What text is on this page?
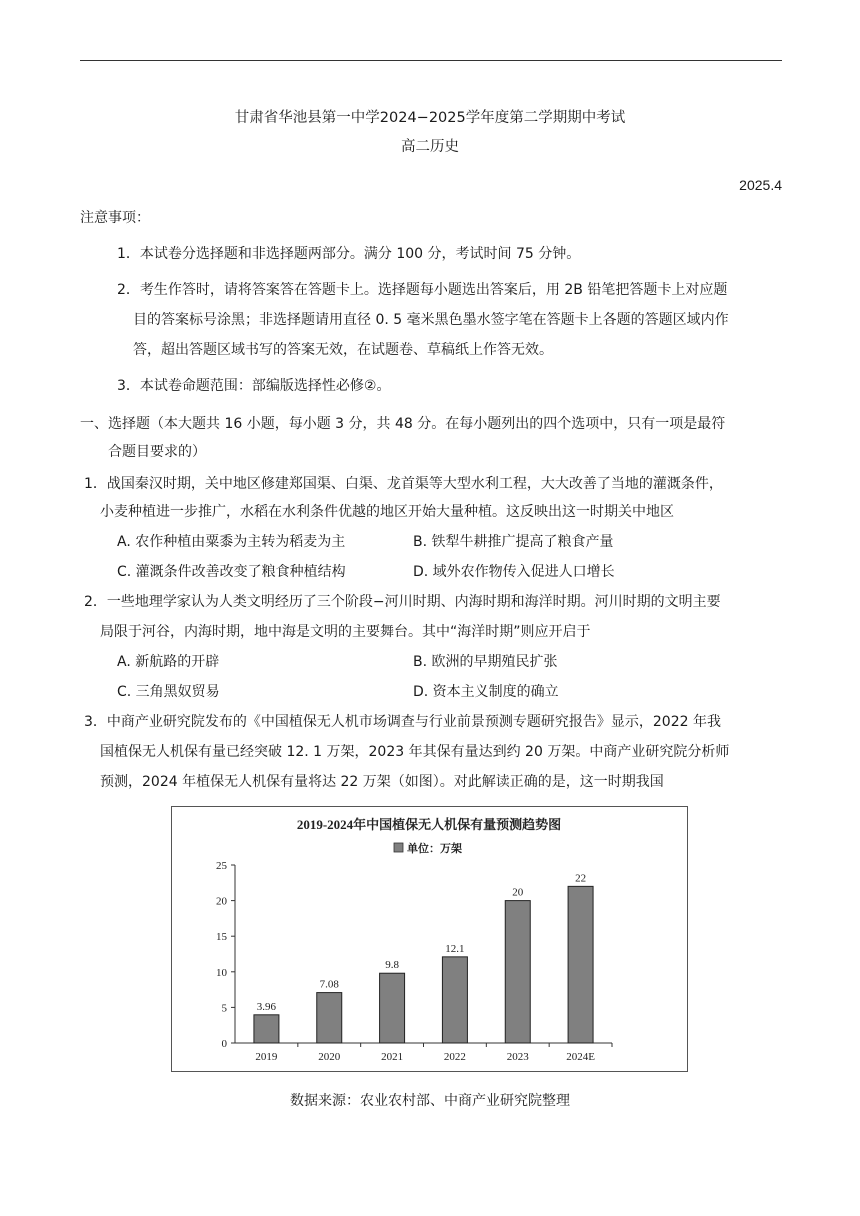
甘肃省华池县第一中学2024−2025学年度第二学期期中考试
高二历史
2025.4
注意事项：
1．本试卷分选择题和非选择题两部分。满分 100 分，考试时间 75 分钟。
2．考生作答时，请将答案答在答题卡上。选择题每小题选出答案后，用 2B 铅笔把答题卡上对应题
目的答案标号涂黑；非选择题请用直径 0. 5 毫米黑色墨水签字笔在答题卡上各题的答题区域内作
答，超出答题区域书写的答案无效，在试题卷、草稿纸上作答无效。
3．本试卷命题范围：部编版选择性必修②。
一、选择题（本大题共 16 小题，每小题 3 分，共 48 分。在每小题列出的四个选项中，只有一项是最符
合题目要求的）
1．战国秦汉时期，关中地区修建郑国渠、白渠、龙首渠等大型水利工程，大大改善了当地的灌溉条件，
小麦种植进一步推广，水稻在水利条件优越的地区开始大量种植。这反映出这一时期关中地区
A. 农作种植由粟黍为主转为稻麦为主	B. 铁犁牛耕推广提高了粮食产量
C. 灌溉条件改善改变了粮食种植结构	D. 域外农作物传入促进人口增长
2．一些地理学家认为人类文明经历了三个阶段−河川时期、内海时期和海洋时期。河川时期的文明主要
局限于河谷，内海时期，地中海是文明的主要舞台。其中“海洋时期”则应开启于
A. 新航路的开辟	B. 欧洲的早期殖民扩张
C. 三角黑奴贸易	D. 资本主义制度的确立
3．中商产业研究院发布的《中国植保无人机市场调查与行业前景预测专题研究报告》显示，2022 年我
国植保无人机保有量已经突破 12. 1 万架，2023 年其保有量达到约 20 万架。中商产业研究院分析师
预测，2024 年植保无人机保有量将达 22 万架（如图）。对此解读正确的是，这一时期我国
2019-2024年中国植保无人机保有量预测趋势图
单位：万架
0
5
10
15
20
25
3.96
2019
7.08
2020
9.8
2021
12.1
2022
20
2023
22
2024E
数据来源：农业农村部、中商产业研究院整理
